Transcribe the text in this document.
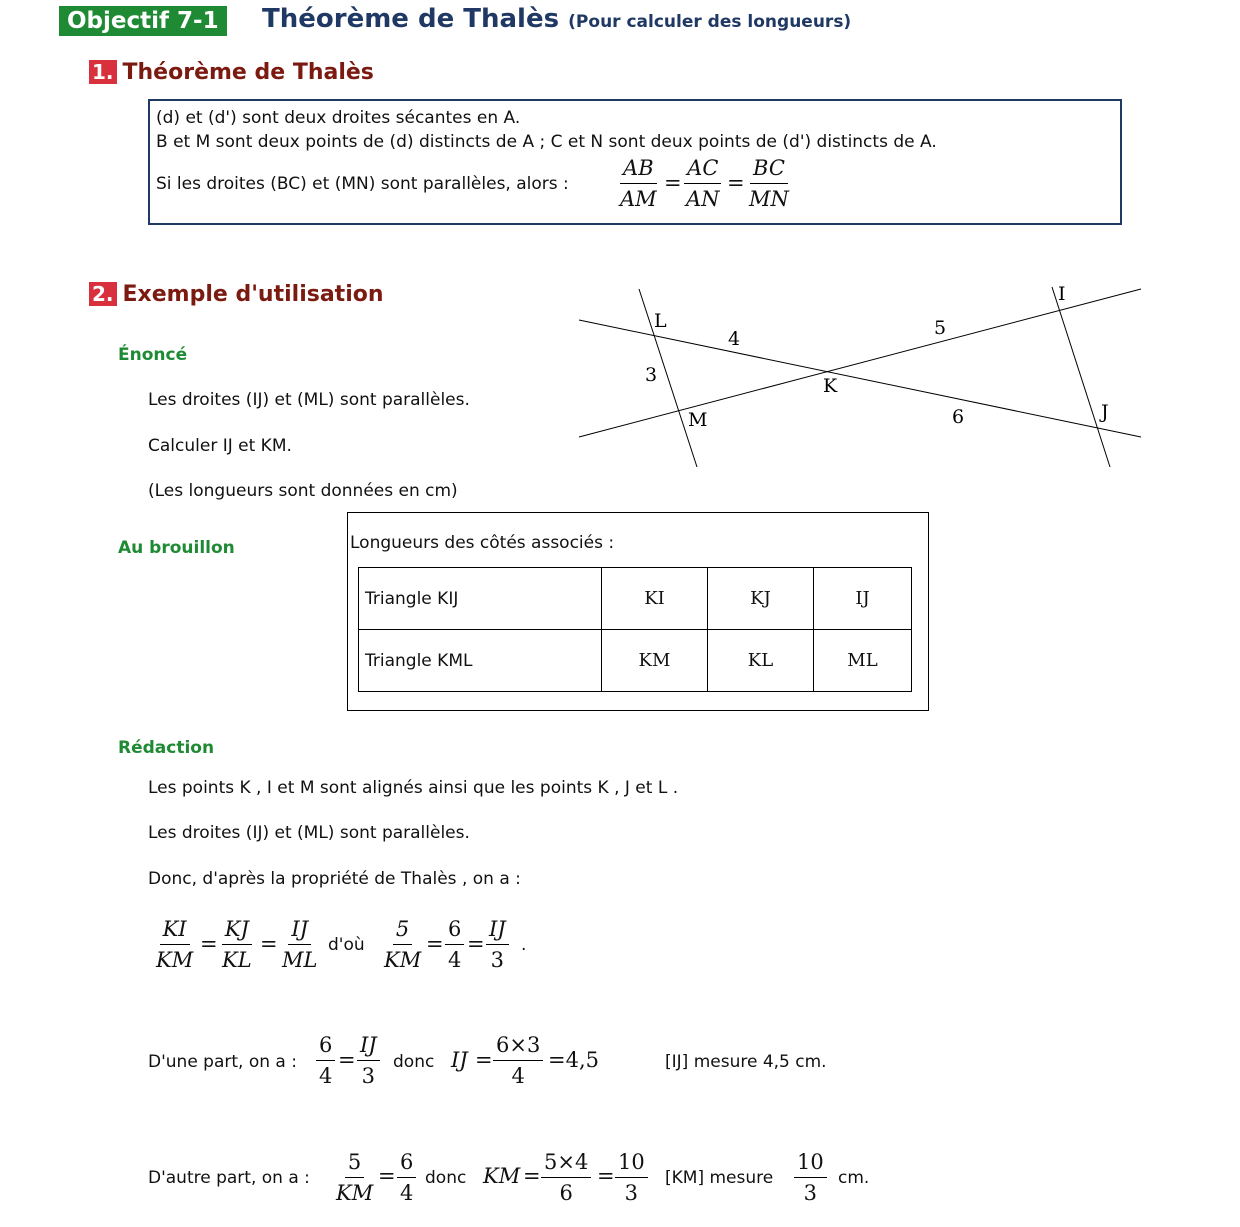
Objectif 7-1	Théorème de Thalès (Pour calculer des longueurs)
1. Théorème de Thalès
(d) et (d') sont deux droites sécantes en A.
B et M sont deux points de (d) distincts de A ; C et N sont deux points de (d') distincts de A.
Si les droites (BC) et (MN) sont parallèles, alors : $\frac{AB}{AM} = \frac{AC}{AN} = \frac{BC}{MN}$
2. Exemple d'utilisation
Énoncé
Les droites (IJ) et (ML) sont parallèles.
Calculer IJ et KM.
(Les longueurs sont données en cm)
L
M
K
I
J
3
4	5
6
Au brouillon	Longueurs des côtés associés :
Triangle KIJ	KI	KJ	IJ
Triangle KML	KM	KL	ML
Rédaction
Les points K , I et M sont alignés ainsi que les points K , J et L .
Les droites (IJ) et (ML) sont parallèles.
Donc, d'après la propriété de Thalès , on a :
$\frac{KI}{KM} = \frac{KJ}{KL} = \frac{IJ}{ML}$ d'où $\frac{5}{KM} = \frac{6}{4} = \frac{IJ}{3}$ .
D'une part, on a : $\frac{6}{4} = \frac{IJ}{3}$ donc IJ = $\frac{6\times 3}{4} =4,5$	[IJ] mesure 4,5 cm.
D'autre part, on a : $\frac{5}{KM} = \frac{6}{4}$ donc KM = $\frac{5\times 4}{6} = \frac{10}{3} [KM]$ mesure $\frac{10}{3}$ cm.
